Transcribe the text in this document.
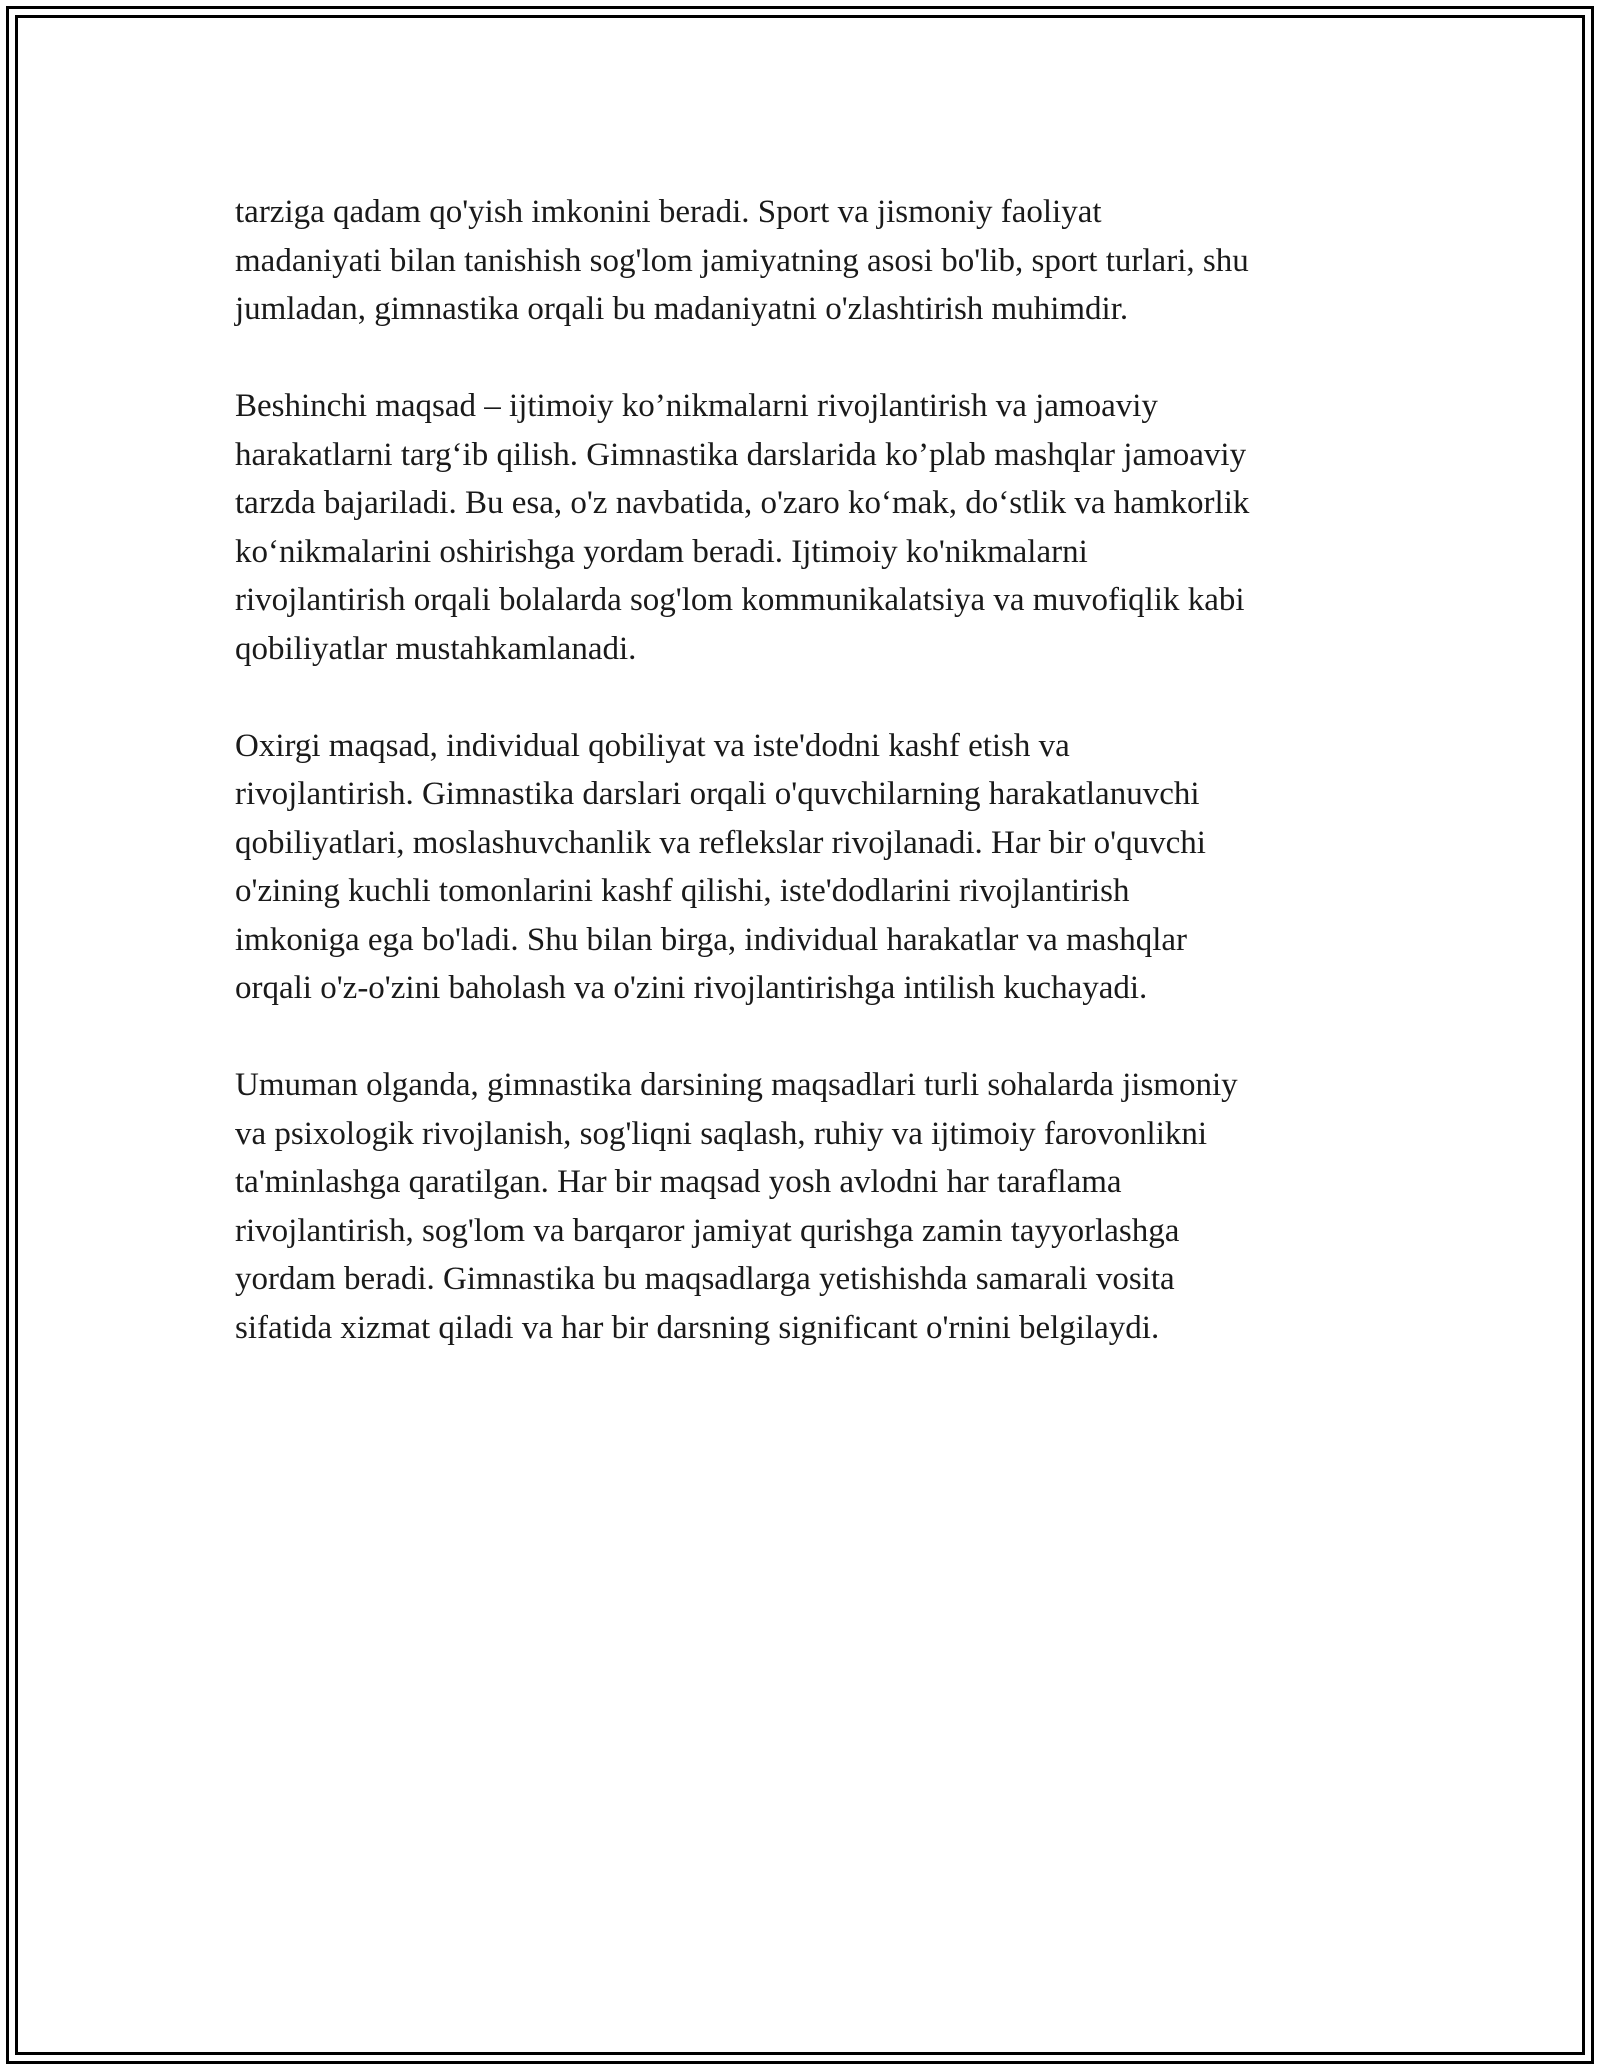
tarziga qadam qo'yish imkonini beradi. Sport va jismoniy faoliyat
madaniyati bilan tanishish sog'lom jamiyatning asosi bo'lib, sport turlari, shu
jumladan, gimnastika orqali bu madaniyatni o'zlashtirish muhimdir.

Beshinchi maqsad – ijtimoiy ko’nikmalarni rivojlantirish va jamoaviy
harakatlarni targ‘ib qilish. Gimnastika darslarida ko’plab mashqlar jamoaviy
tarzda bajariladi. Bu esa, o'z navbatida, o'zaro ko‘mak, do‘stlik va hamkorlik
ko‘nikmalarini oshirishga yordam beradi. Ijtimoiy ko'nikmalarni
rivojlantirish orqali bolalarda sog'lom kommunikalatsiya va muvofiqlik kabi
qobiliyatlar mustahkamlanadi.

Oxirgi maqsad, individual qobiliyat va iste'dodni kashf etish va
rivojlantirish. Gimnastika darslari orqali o'quvchilarning harakatlanuvchi
qobiliyatlari, moslashuvchanlik va reflekslar rivojlanadi. Har bir o'quvchi
o'zining kuchli tomonlarini kashf qilishi, iste'dodlarini rivojlantirish
imkoniga ega bo'ladi. Shu bilan birga, individual harakatlar va mashqlar
orqali o'z-o'zini baholash va o'zini rivojlantirishga intilish kuchayadi.

Umuman olganda, gimnastika darsining maqsadlari turli sohalarda jismoniy
va psixologik rivojlanish, sog'liqni saqlash, ruhiy va ijtimoiy farovonlikni
ta'minlashga qaratilgan. Har bir maqsad yosh avlodni har taraflama
rivojlantirish, sog'lom va barqaror jamiyat qurishga zamin tayyorlashga
yordam beradi. Gimnastika bu maqsadlarga yetishishda samarali vosita
sifatida xizmat qiladi va har bir darsning significant o'rnini belgilaydi.
